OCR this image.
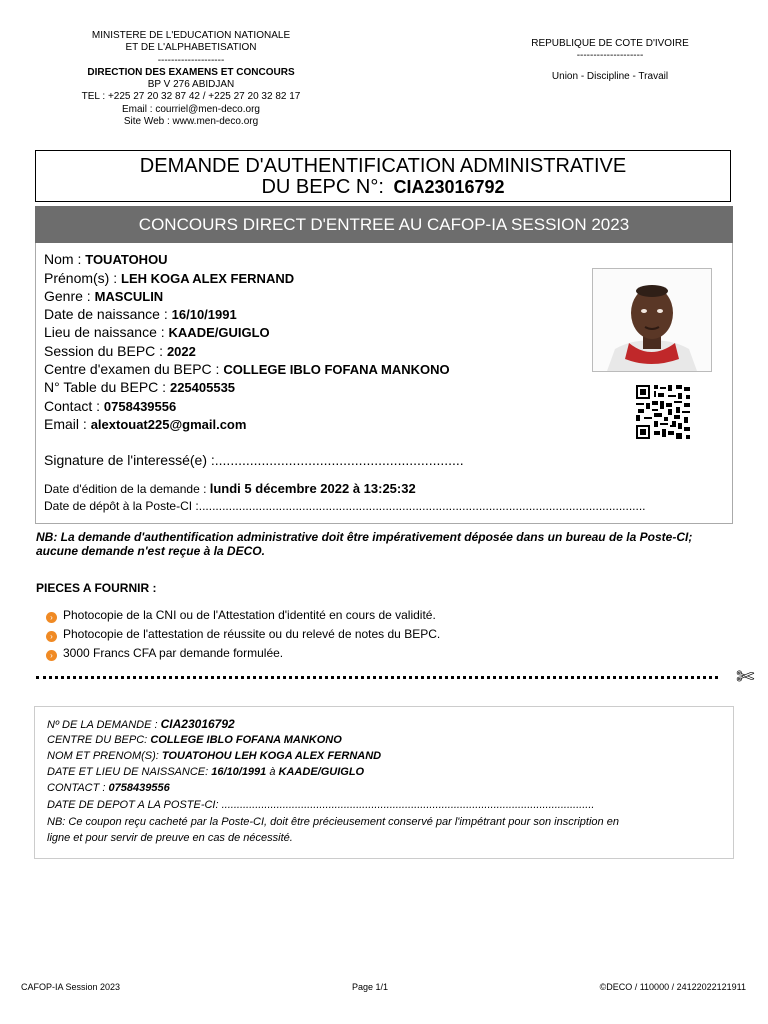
MINISTERE DE L'EDUCATION NATIONALE
ET DE L'ALPHABETISATION
--------------------
DIRECTION DES EXAMENS ET CONCOURS
BP V 276 ABIDJAN
TEL : +225 27 20 32 87 42 / +225 27 20 32 82 17
Email : courriel@men-deco.org
Site Web : www.men-deco.org
REPUBLIQUE DE COTE D'IVOIRE
--------------------
Union - Discipline - Travail
DEMANDE D'AUTHENTIFICATION ADMINISTRATIVE
DU BEPC N°: CIA23016792
CONCOURS DIRECT D'ENTREE AU CAFOP-IA SESSION 2023
Nom : TOUATOHOU
Prénom(s) : LEH KOGA ALEX FERNAND
Genre : MASCULIN
Date de naissance : 16/10/1991
Lieu de naissance : KAADE/GUIGLO
Session du BEPC : 2022
Centre d'examen du BEPC : COLLEGE IBLO FOFANA MANKONO
N° Table du BEPC : 225405535
Contact : 0758439556
Email : alextouat225@gmail.com
Signature de l'interessé(e) :................................................................
Date d'édition de la demande : lundi 5 décembre 2022 à 13:25:32
Date de dépôt à la Poste-CI :......................................................................................................................................
NB: La demande d'authentification administrative doit être impérativement déposée dans un bureau de la Poste-CI; aucune demande n'est reçue à la DECO.
PIECES A FOURNIR :
› Photocopie de la CNI ou de l'Attestation d'identité en cours de validité.
› Photocopie de l'attestation de réussite ou du relevé de notes du BEPC.
› 3000 Francs CFA par demande formulée.
✄
Nº DE LA DEMANDE : CIA23016792
CENTRE DU BEPC: COLLEGE IBLO FOFANA MANKONO
NOM ET PRENOM(S): TOUATOHOU LEH KOGA ALEX FERNAND
DATE ET LIEU DE NAISSANCE: 16/10/1991 à KAADE/GUIGLO
CONTACT : 0758439556
DATE DE DEPOT A LA POSTE-CI: ..........................................................................................................................
NB: Ce coupon reçu cacheté par la Poste-CI, doit être précieusement conservé par l'impétrant pour son inscription en
ligne et pour servir de preuve en cas de nécessité.
CAFOP-IA Session 2023	Page 1/1	©DECO / 110000 / 24122022121911
